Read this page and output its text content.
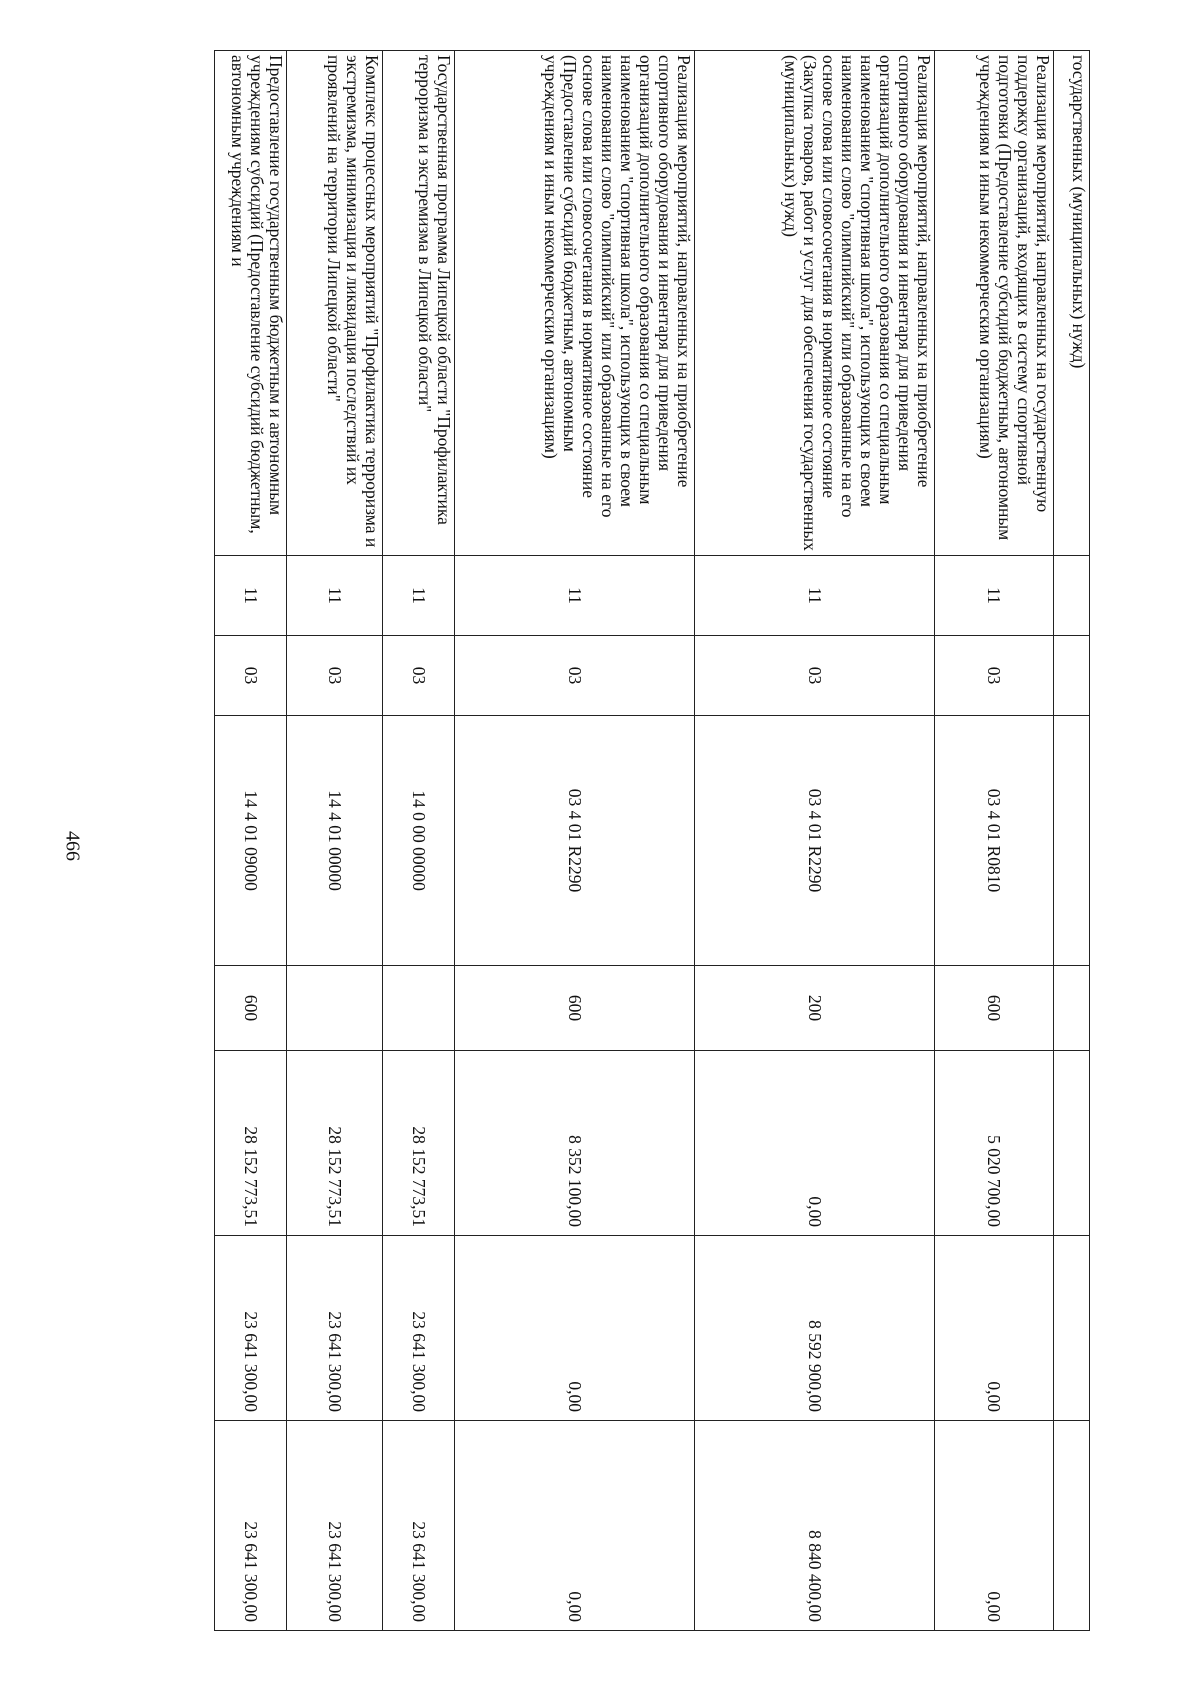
466
государственных (муниципальных) нужд)							
Реализация мероприятий, направленных на государственную поддержку организаций, входящих в систему спортивной подготовки (Предоставление субсидий бюджетным, автономным учреждениям и иным некоммерческим организациям)	11	03	03 4 01 R0810	600	5 020 700,00	0,00	0,00
Реализация мероприятий, направленных на приобретение спортивного оборудования и инвентаря для приведения организаций дополнительного образования со специальным наименованием "спортивная школа", использующих в своем наименовании слово "олимпийский" или образованные на его основе слова или словосочетания в нормативное состояние (Закупка товаров, работ и услуг для обеспечения государственных (муниципальных) нужд)	11	03	03 4 01 R2290	200	0,00	8 592 900,00	8 840 400,00
Реализация мероприятий, направленных на приобретение спортивного оборудования и инвентаря для приведения организаций дополнительного образования со специальным наименованием "спортивная школа", использующих в своем наименовании слово "олимпийский" или образованные на его основе слова или словосочетания в нормативное состояние (Предоставление субсидий бюджетным, автономным учреждениям и иным некоммерческим организациям)	11	03	03 4 01 R2290	600	8 352 100,00	0,00	0,00
Государственная программа Липецкой области "Профилактика терроризма и экстремизма в Липецкой области"	11	03	14 0 00 00000		28 152 773,51	23 641 300,00	23 641 300,00
Комплекс процессных мероприятий "Профилактика терроризма и экстремизма, минимизация и ликвидация последствий их проявлений на территории Липецкой области"	11	03	14 4 01 00000		28 152 773,51	23 641 300,00	23 641 300,00
Предоставление государственным бюджетным и автономным учреждениям субсидий (Предоставление субсидий бюджетным, автономным учреждениям и	11	03	14 4 01 09000	600	28 152 773,51	23 641 300,00	23 641 300,00
